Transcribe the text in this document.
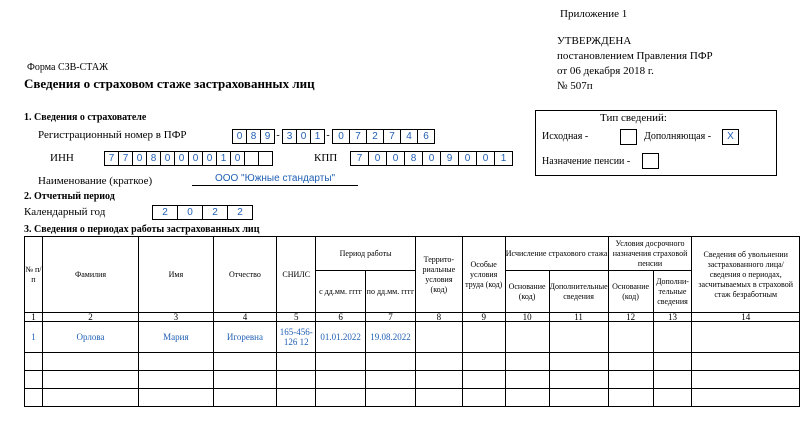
Приложение 1
УТВЕРЖДЕНА
постановлением Правления ПФР
от 06 декабря 2018 г.
№ 507п
Форма СЗВ-СТАЖ
Сведения о страховом стаже застрахованных лиц
1. Сведения о страхователе
Регистрационный номер в ПФР	0 8 9 - 3 0 1 - 0	7	2	7	4	6
ИНН	7 7 0 8 0 0 0 0 1 0	КПП	7	0	0	8	0	9	0	0	1
Наименование (краткое)	ООО "Южные стандарты"
Тип сведений:
Исходная -	Дополняющая -	X
Назначение пенсии -
2. Отчетный период
Календарный год	2	0	2	2
3. Сведения о периодах работы застрахованных лиц
№ п/п	Фамилия	Имя	Отчество	СНИЛС	Период работы		Террито-риальные условия (код)	Особые условия труда (код)	Исчисление страхового стажа		Условия досрочного назначения страховой пенсии		Сведения об увольнении застрахованного лица/сведения о периодах, засчитываемых в страховой стаж безработным
					с дд.мм. гггг	по дд.мм. гггг			Основание (код)	Дополнительные сведения	Основание (код)	Дополни-тельные сведения	
1	2	3	4	5	6	7	8	9	10	11	12	13	14
1	Орлова	Мария	Игоревна	165-456-126 12	01.01.2022	19.08.2022							
